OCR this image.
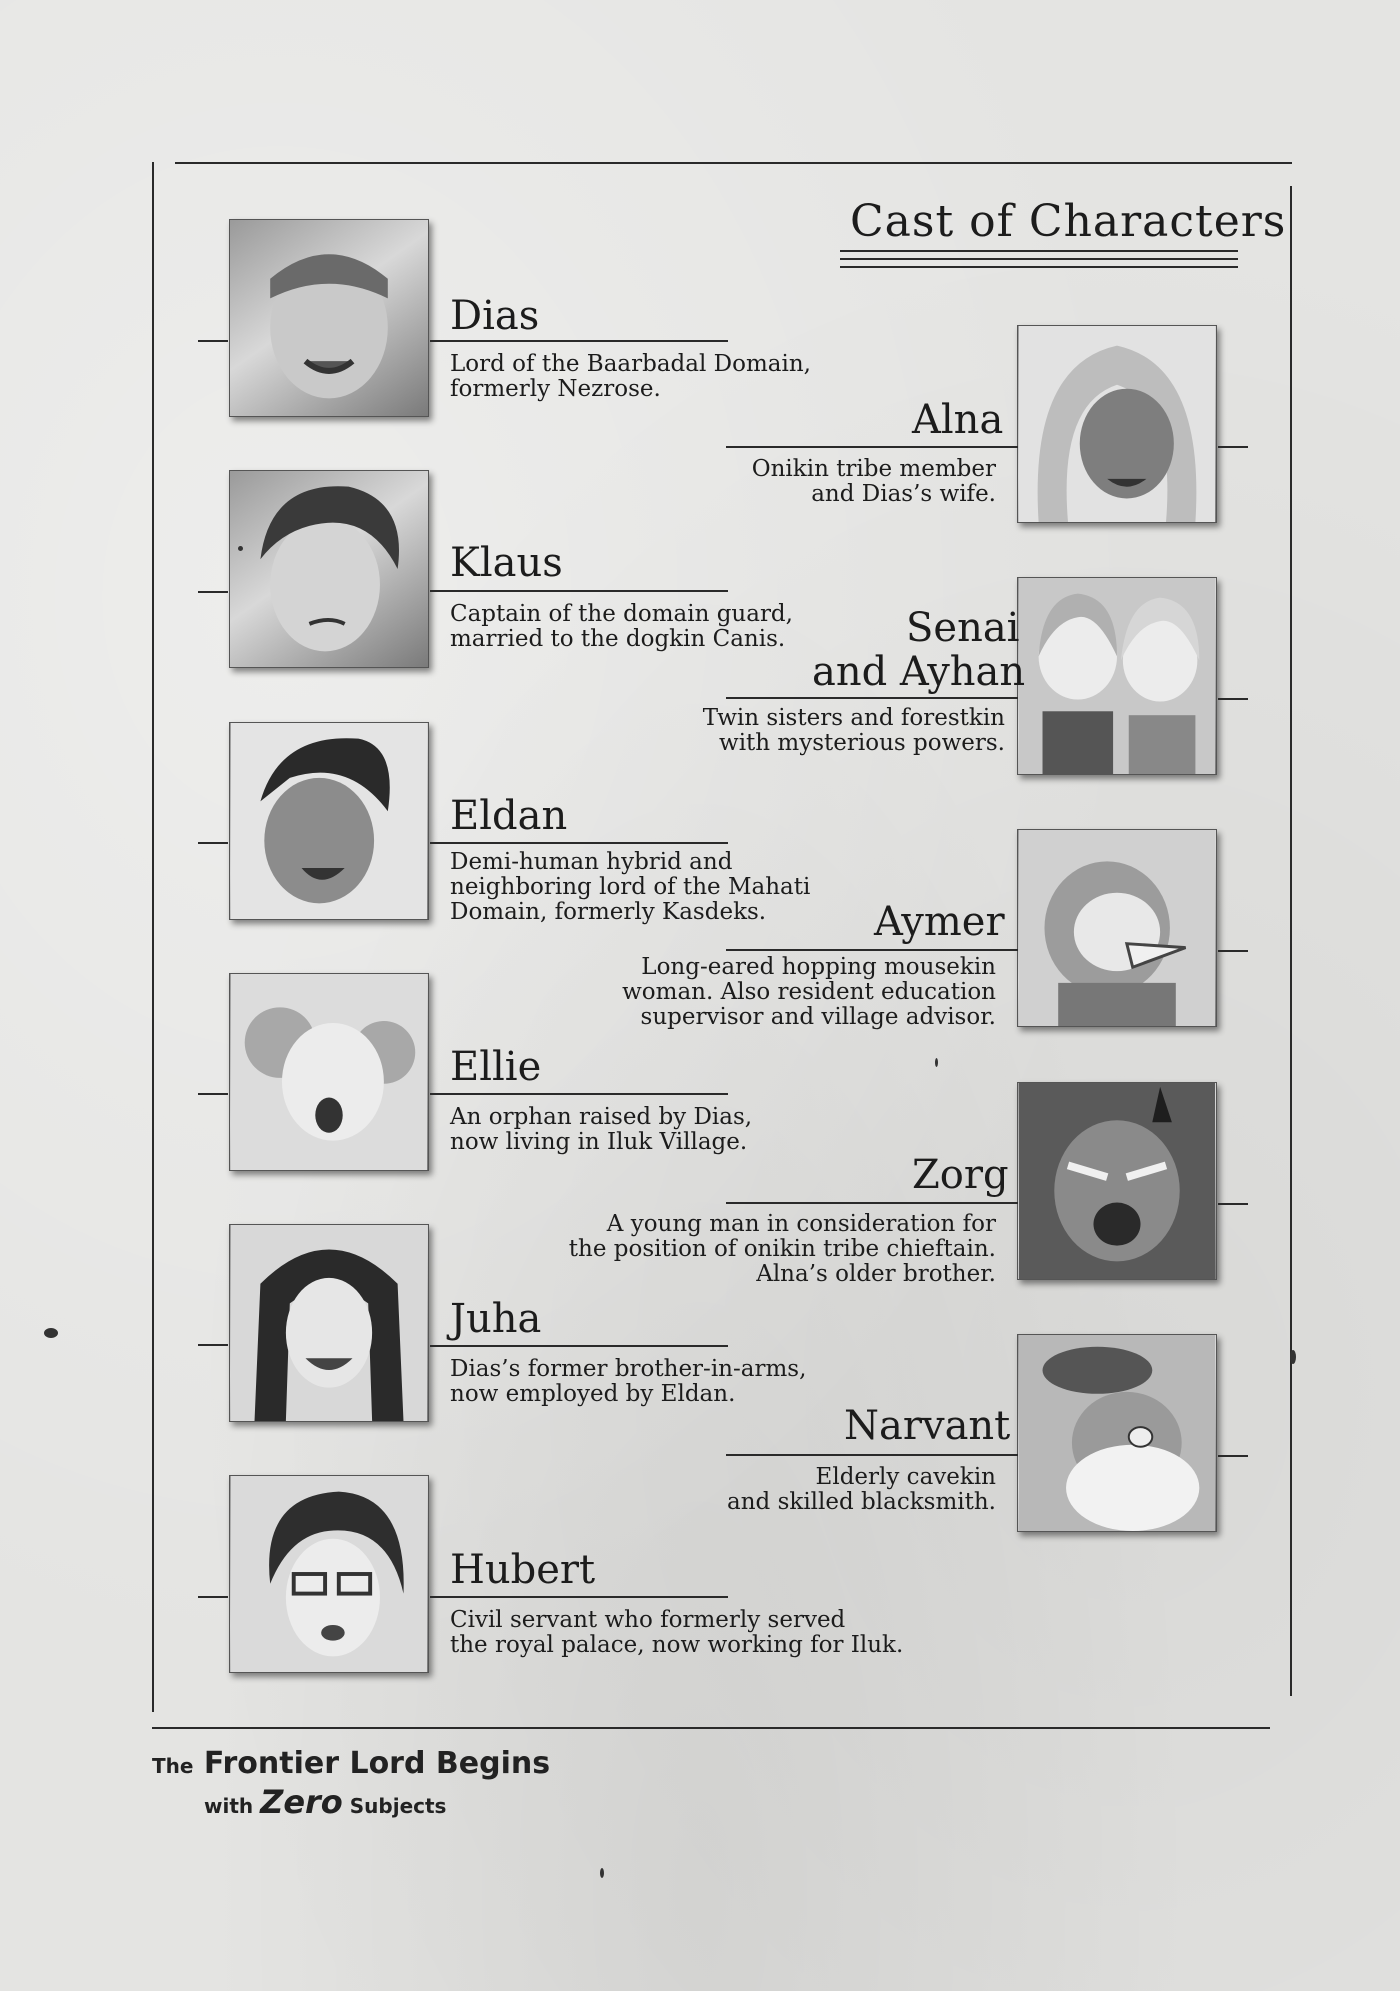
Cast of Characters
Dias
Lord of the Baarbadal Domain,
formerly Nezrose.
Klaus
Captain of the domain guard,
married to the dogkin Canis.
Eldan
Demi-human hybrid and
neighboring lord of the Mahati
Domain, formerly Kasdeks.
Ellie
An orphan raised by Dias,
now living in Iluk Village.
Juha
Dias’s former brother-in-arms,
now employed by Eldan.
Hubert
Civil servant who formerly served
the royal palace, now working for Iluk.
Alna
Onikin tribe member
and Dias’s wife.
Senai
and Ayhan
Twin sisters and forestkin
with mysterious powers.
Aymer
Long-eared hopping mousekin
woman. Also resident education
supervisor and village advisor.
Zorg
A young man in consideration for
the position of onikin tribe chieftain.
Alna’s older brother.
Narvant
Elderly cavekin
and skilled blacksmith.
The Frontier Lord Begins
with Zero Subjects
